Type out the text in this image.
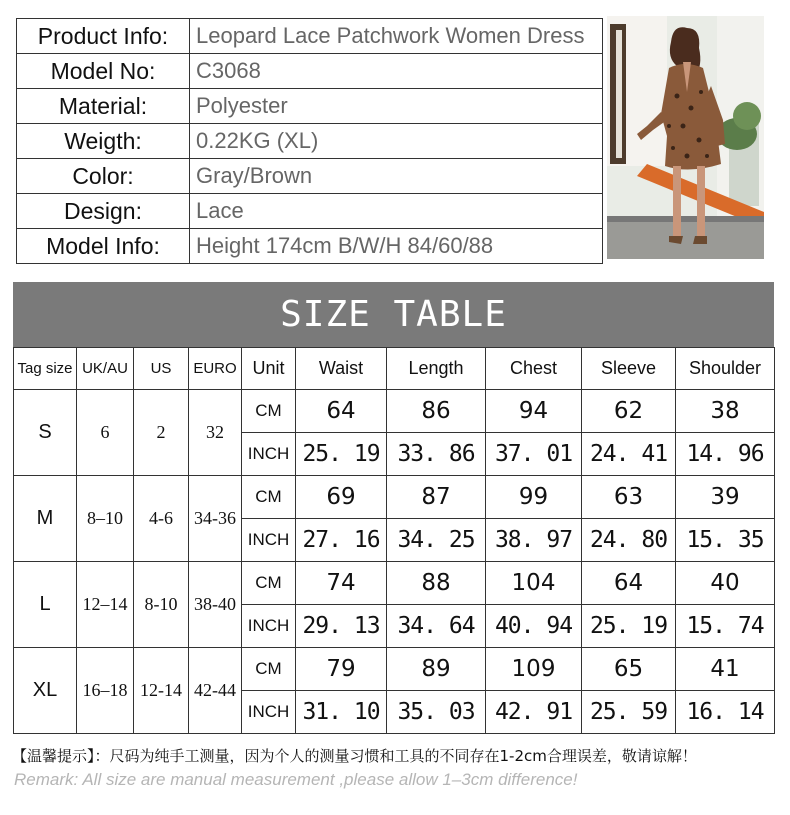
Product Info:	Leopard Lace Patchwork Women Dress
Model No:	C3068
Material:	Polyester
Weigth:	0.22KG (XL)
Color:	Gray/Brown
Design:	Lace
Model Info:	Height 174cm B/W/H 84/60/88
SIZE TABLE
Tag size	UK/AU	US	EURO	Unit	Waist	Length	Chest	Sleeve	Shoulder
S	6	2	32	CM	64	86	94	62	38
				INCH	25. 19	33. 86	37. 01	24. 41	14. 96
M	8–10	4-6	34-36	CM	69	87	99	63	39
				INCH	27. 16	34. 25	38. 97	24. 80	15. 35
L	12–14	8-10	38-40	CM	74	88	104	64	40
				INCH	29. 13	34. 64	40. 94	25. 19	15. 74
XL	16–18	12-14	42-44	CM	79	89	109	65	41
				INCH	31. 10	35. 03	42. 91	25. 59	16. 14
【温馨提示】：尺码为纯手工测量，因为个人的测量习惯和工具的不同存在1-2cm合理误差，敬请谅解！
Remark: All size are manual measurement ,please allow 1–3cm difference!
